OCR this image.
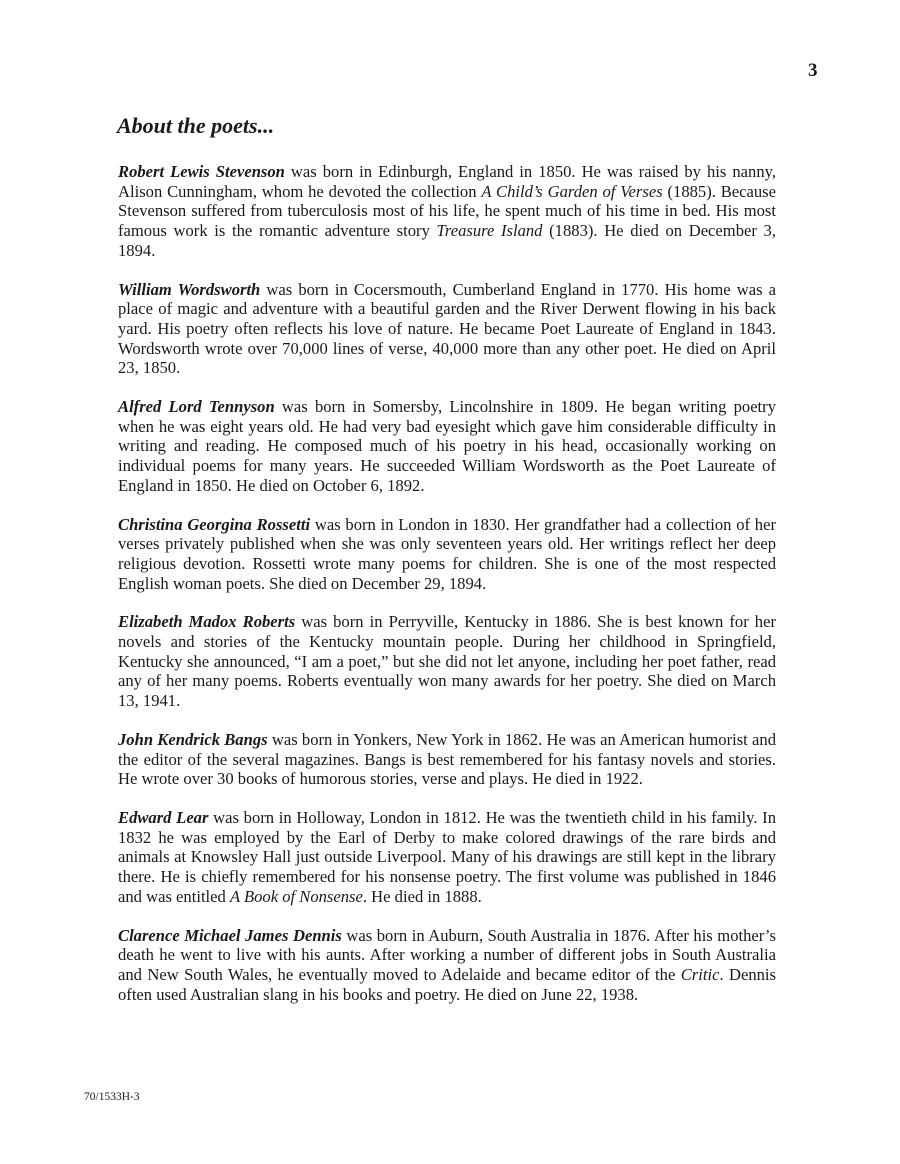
3
About the poets...

Robert Lewis Stevenson was born in Edinburgh, England in 1850. He was raised by his nanny, Alison Cunningham, whom he devoted the collection A Child’s Garden of Verses (1885). Because Stevenson suffered from tuberculosis most of his life, he spent much of his time in bed. His most famous work is the romantic adventure story Treasure Island (1883). He died on December 3, 1894.

William Wordsworth was born in Cocersmouth, Cumberland England in 1770. His home was a place of magic and adventure with a beautiful garden and the River Derwent flowing in his back yard. His poetry often reflects his love of nature. He became Poet Laureate of England in 1843. Wordsworth wrote over 70,000 lines of verse, 40,000 more than any other poet. He died on April 23, 1850.

Alfred Lord Tennyson was born in Somersby, Lincolnshire in 1809. He began writing poetry when he was eight years old. He had very bad eyesight which gave him considerable difficulty in writing and reading. He composed much of his poetry in his head, occasionally working on individual poems for many years. He succeeded William Wordsworth as the Poet Laureate of England in 1850. He died on October 6, 1892.

Christina Georgina Rossetti was born in London in 1830. Her grandfather had a collection of her verses privately published when she was only seventeen years old. Her writings reflect her deep religious devotion. Rossetti wrote many poems for children. She is one of the most respected English woman poets. She died on December 29, 1894.

Elizabeth Madox Roberts was born in Perryville, Kentucky in 1886. She is best known for her novels and stories of the Kentucky mountain people. During her childhood in Springfield, Kentucky she announced, “I am a poet,” but she did not let anyone, including her poet father, read any of her many poems. Roberts eventually won many awards for her poetry. She died on March 13, 1941.

John Kendrick Bangs was born in Yonkers, New York in 1862. He was an American humorist and the editor of the several magazines. Bangs is best remembered for his fantasy novels and stories. He wrote over 30 books of humorous stories, verse and plays. He died in 1922.

Edward Lear was born in Holloway, London in 1812. He was the twentieth child in his family. In 1832 he was employed by the Earl of Derby to make colored drawings of the rare birds and animals at Knowsley Hall just outside Liverpool. Many of his drawings are still kept in the library there. He is chiefly remembered for his nonsense poetry. The first volume was published in 1846 and was entitled A Book of Nonsense. He died in 1888.

Clarence Michael James Dennis was born in Auburn, South Australia in 1876. After his mother’s death he went to live with his aunts. After working a number of different jobs in South Australia and New South Wales, he eventually moved to Adelaide and became editor of the Critic. Dennis often used Australian slang in his books and poetry. He died on June 22, 1938.

70/1533H-3
